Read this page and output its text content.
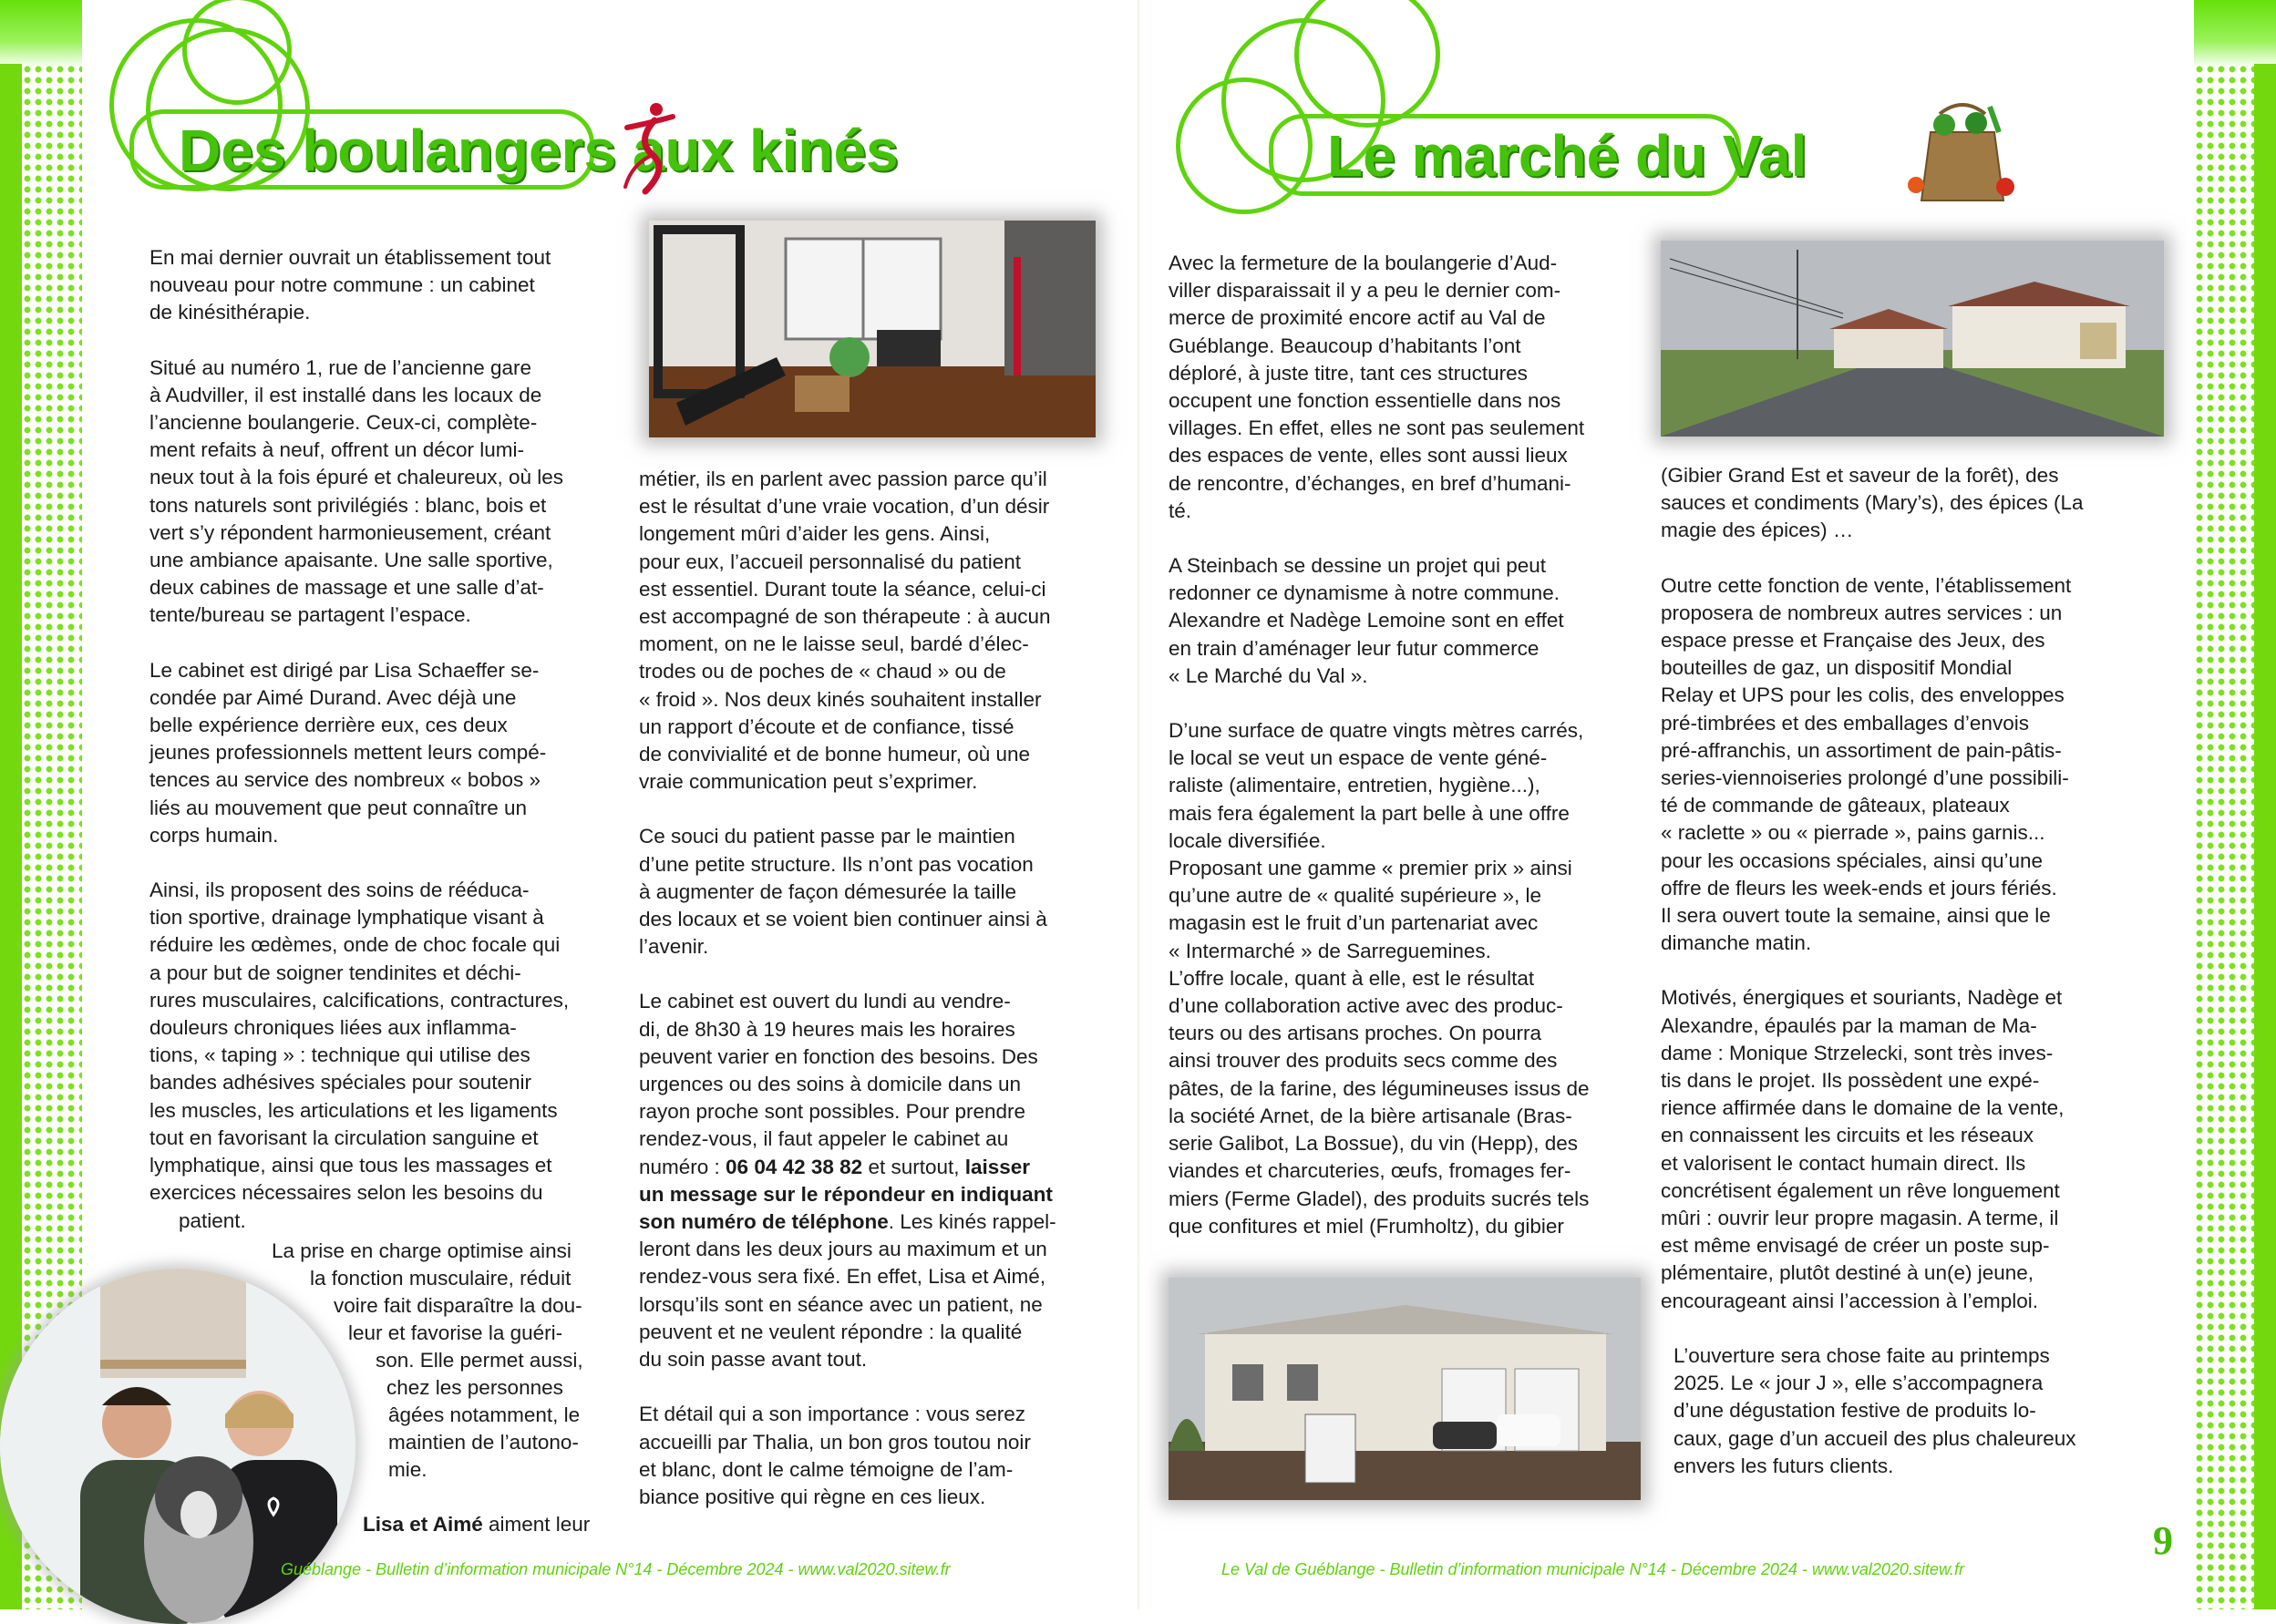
Des boulangers aux kinés

En mai dernier ouvrait un établissement tout
nouveau pour notre commune : un cabinet
de kinésithérapie.

Situé au numéro 1, rue de l’ancienne gare
à Audviller, il est installé dans les locaux de
l’ancienne boulangerie. Ceux-ci, complète-
ment refaits à neuf, offrent un décor lumi-
neux tout à la fois épuré et chaleureux, où les
tons naturels sont privilégiés : blanc, bois et
vert s’y répondent harmonieusement, créant
une ambiance apaisante. Une salle sportive,
deux cabines de massage et une salle d’at-
tente/bureau se partagent l’espace.

Le cabinet est dirigé par Lisa Schaeffer se-
condée par Aimé Durand. Avec déjà une
belle expérience derrière eux, ces deux
jeunes professionnels mettent leurs compé-
tences au service des nombreux « bobos »
liés au mouvement que peut connaître un
corps humain.

Ainsi, ils proposent des soins de rééduca-
tion sportive, drainage lymphatique visant à
réduire les œdèmes, onde de choc focale qui
a pour but de soigner tendinites et déchi-
rures musculaires, calcifications, contractures,
douleurs chroniques liées aux inflamma-
tions, « taping » : technique qui utilise des
bandes adhésives spéciales pour soutenir
les muscles, les articulations et les ligaments
tout en favorisant la circulation sanguine et
lymphatique, ainsi que tous les massages et
exercices nécessaires selon les besoins du

patient.
La prise en charge optimise ainsi
la fonction musculaire, réduit
voire fait disparaître la dou-
leur et favorise la guéri-
son. Elle permet aussi,
chez les personnes
âgées notamment, le
maintien de l’autono-
mie.
Lisa et Aimé aiment leur

métier, ils en parlent avec passion parce qu’il
est le résultat d’une vraie vocation, d’un désir
longement mûri d’aider les gens. Ainsi,
pour eux, l’accueil personnalisé du patient
est essentiel. Durant toute la séance, celui-ci
est accompagné de son thérapeute : à aucun
moment, on ne le laisse seul, bardé d’élec-
trodes ou de poches de « chaud » ou de
« froid ». Nos deux kinés souhaitent installer
un rapport d’écoute et de confiance, tissé
de convivialité et de bonne humeur, où une
vraie communication peut s’exprimer.

Ce souci du patient passe par le maintien
d’une petite structure. Ils n’ont pas vocation
à augmenter de façon démesurée la taille
des locaux et se voient bien continuer ainsi à
l’avenir.

Le cabinet est ouvert du lundi au vendre-
di, de 8h30 à 19 heures mais les horaires
peuvent varier en fonction des besoins. Des
urgences ou des soins à domicile dans un
rayon proche sont possibles. Pour prendre
rendez-vous, il faut appeler le cabinet au
numéro : 06 04 42 38 82 et surtout, laisser
un message sur le répondeur en indiquant
son numéro de téléphone. Les kinés rappel-
leront dans les deux jours au maximum et un
rendez-vous sera fixé. En effet, Lisa et Aimé,
lorsqu’ils sont en séance avec un patient, ne
peuvent et ne veulent répondre : la qualité
du soin passe avant tout.

Et détail qui a son importance : vous serez
accueilli par Thalia, un bon gros toutou noir
et blanc, dont le calme témoigne de l’am-
biance positive qui règne en ces lieux.

Guéblange - Bulletin d’information municipale N°14 - Décembre 2024 - www.val2020.sitew.fr
Le marché du Val

Avec la fermeture de la boulangerie d’Aud-
viller disparaissait il y a peu le dernier com-
merce de proximité encore actif au Val de
Guéblange. Beaucoup d’habitants l’ont
déploré, à juste titre, tant ces structures
occupent une fonction essentielle dans nos
villages. En effet, elles ne sont pas seulement
des espaces de vente, elles sont aussi lieux
de rencontre, d’échanges, en bref d’humani-
té.

A Steinbach se dessine un projet qui peut
redonner ce dynamisme à notre commune.
Alexandre et Nadège Lemoine sont en effet
en train d’aménager leur futur commerce
« Le Marché du Val ».

D’une surface de quatre vingts mètres carrés,
le local se veut un espace de vente géné-
raliste (alimentaire, entretien, hygiène...),
mais fera également la part belle à une offre
locale diversifiée.
Proposant une gamme « premier prix » ainsi
qu’une autre de « qualité supérieure », le
magasin est le fruit d’un partenariat avec
« Intermarché » de Sarreguemines.
L’offre locale, quant à elle, est le résultat
d’une collaboration active avec des produc-
teurs ou des artisans proches. On pourra
ainsi trouver des produits secs comme des
pâtes, de la farine, des légumineuses issus de
la société Arnet, de la bière artisanale (Bras-
serie Galibot, La Bossue), du vin (Hepp), des
viandes et charcuteries, œufs, fromages fer-
miers (Ferme Gladel), des produits sucrés tels
que confitures et miel (Frumholtz), du gibier

(Gibier Grand Est et saveur de la forêt), des
sauces et condiments (Mary’s), des épices (La
magie des épices) …

Outre cette fonction de vente, l’établissement
proposera de nombreux autres services : un
espace presse et Française des Jeux, des
bouteilles de gaz, un dispositif Mondial
Relay et UPS pour les colis, des enveloppes
pré-timbrées et des emballages d’envois
pré-affranchis, un assortiment de pain-pâtis-
series-viennoiseries prolongé d’une possibili-
té de commande de gâteaux, plateaux
« raclette » ou « pierrade », pains garnis...
pour les occasions spéciales, ainsi qu’une
offre de fleurs les week-ends et jours fériés.
Il sera ouvert toute la semaine, ainsi que le
dimanche matin.

Motivés, énergiques et souriants, Nadège et
Alexandre, épaulés par la maman de Ma-
dame : Monique Strzelecki, sont très inves-
tis dans le projet. Ils possèdent une expé-
rience affirmée dans le domaine de la vente,
en connaissent les circuits et les réseaux
et valorisent le contact humain direct. Ils
concrétisent également un rêve longuement
mûri : ouvrir leur propre magasin. A terme, il
est même envisagé de créer un poste sup-
plémentaire, plutôt destiné à un(e) jeune,
encourageant ainsi l’accession à l’emploi.

L’ouverture sera chose faite au printemps
2025. Le « jour J », elle s’accompagnera
d’une dégustation festive de produits lo-
caux, gage d’un accueil des plus chaleureux
envers les futurs clients.

Le Val de Guéblange - Bulletin d’information municipale N°14 - Décembre 2024 - www.val2020.sitew.fr
9
